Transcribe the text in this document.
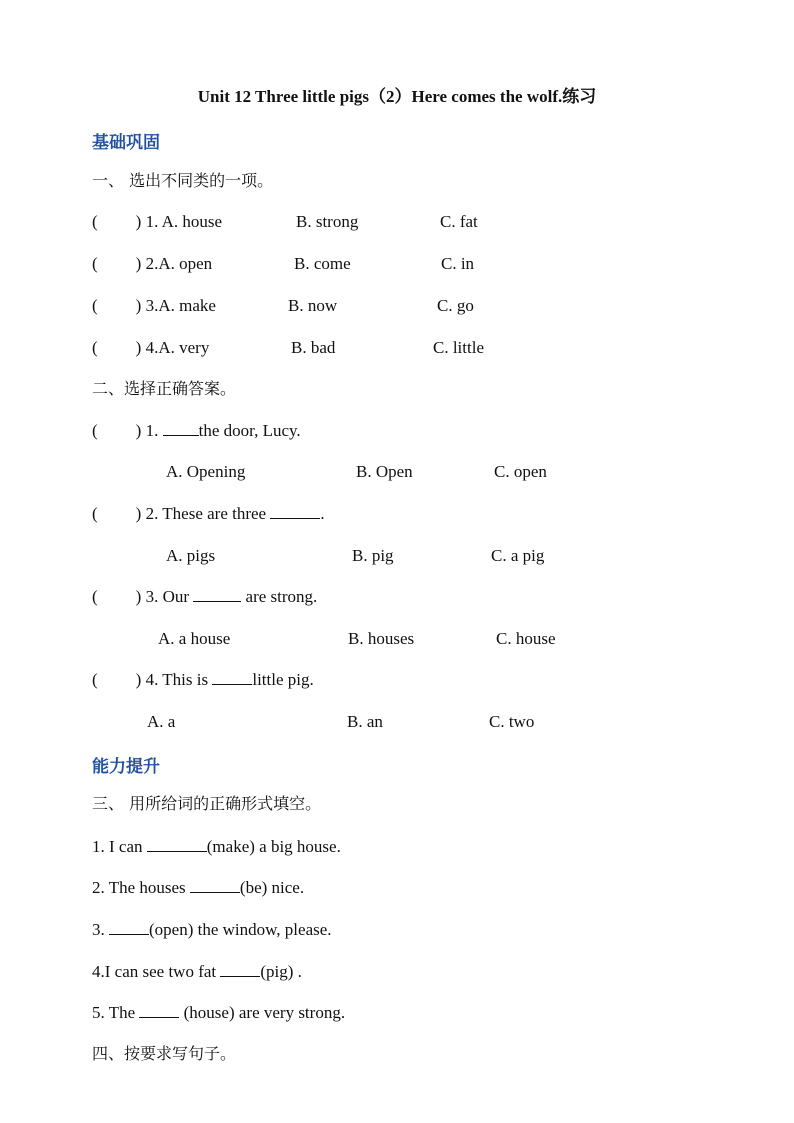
Unit 12 Three little pigs（2）Here comes the wolf.练习
基础巩固
一、 选出不同类的一项。
( ) 1. A. house	B. strong	C. fat
( ) 2.A. open	B. come	C. in
( ) 3.A. make	B. now	C. go
( ) 4.A. very	B. bad	C. little
二、选择正确答案。
( ) 1. the door, Lucy.
A. Opening	B. Open	C. open
( ) 2. These are three	.
A. pigs	B. pig	C. a pig
( ) 3. Our	are strong.
A. a house	B. houses	C. house
( ) 4. This is little pig.
A. a	B. an	C. two
能力提升
三、 用所给词的正确形式填空。
1. I can	(make) a big house.
2. The houses	(be) nice.
3. (open) the window, please.
4.I can see two fat (pig) .
5. The  (house) are very strong.
四、按要求写句子。
